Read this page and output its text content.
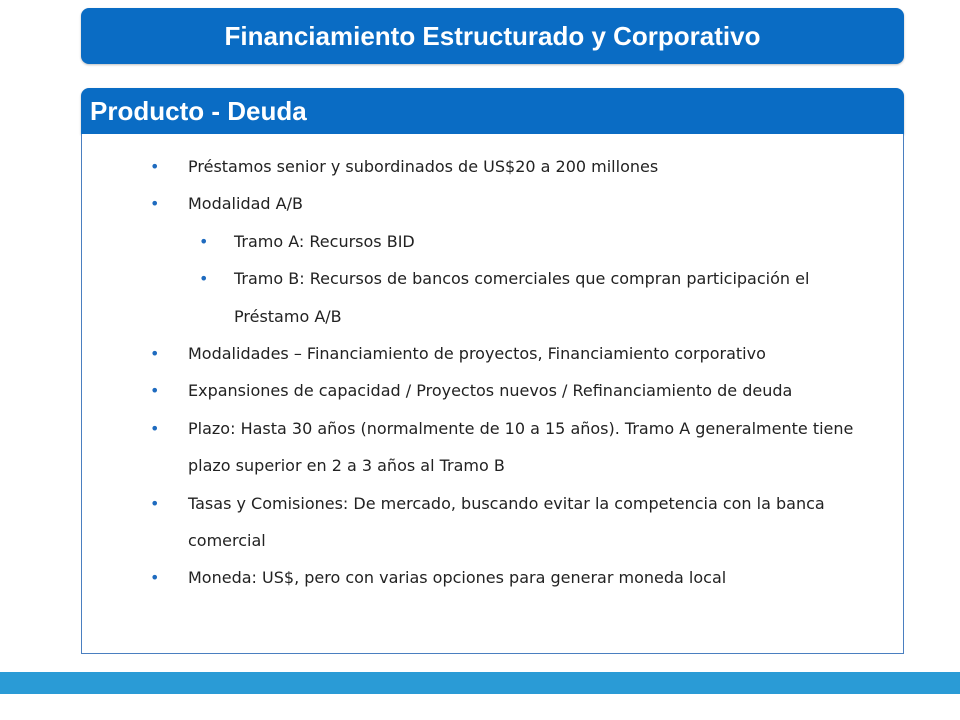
Financiamiento Estructurado y Corporativo
Producto - Deuda
• Préstamos senior y subordinados de US$20 a 200 millones
• Modalidad A/B
• Tramo A: Recursos BID
• Tramo B: Recursos de bancos comerciales que compran participación el Préstamo A/B
• Modalidades – Financiamiento de proyectos, Financiamiento corporativo
• Expansiones de capacidad / Proyectos nuevos / Refinanciamiento de deuda
• Plazo: Hasta 30 años (normalmente de 10 a 15 años). Tramo A generalmente tiene plazo superior en 2 a 3 años al Tramo B
• Tasas y Comisiones: De mercado, buscando evitar la competencia con la banca comercial
• Moneda: US$, pero con varias opciones para generar moneda local
